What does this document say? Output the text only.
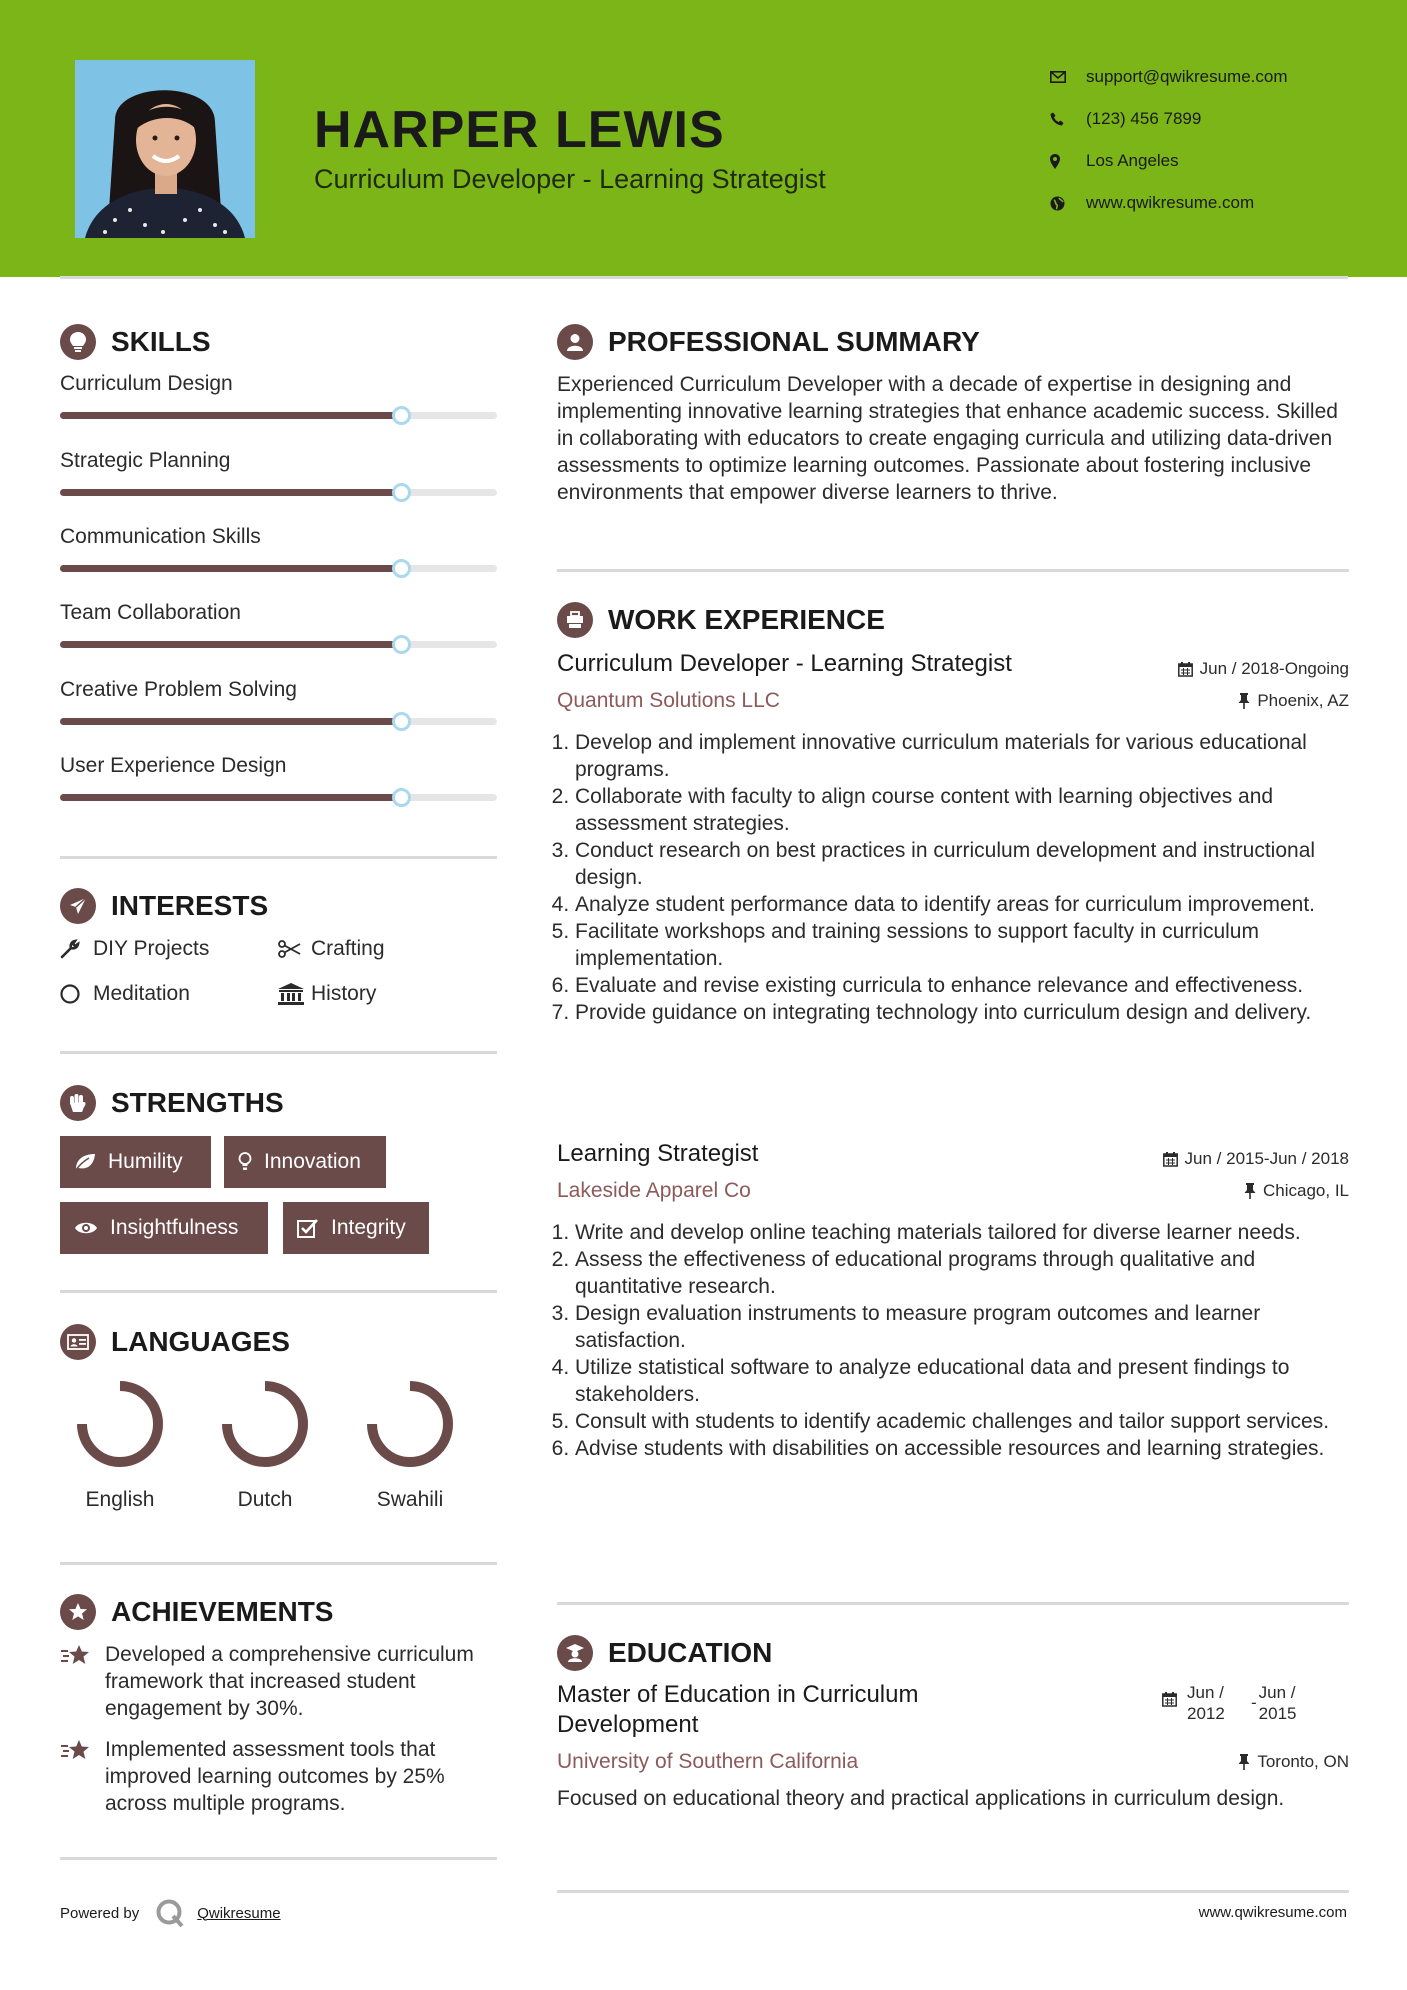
HARPER LEWIS
Curriculum Developer - Learning Strategist
support@qwikresume.com
(123) 456 7899
Los Angeles
www.qwikresume.com
SKILLS
Curriculum Design
Strategic Planning
Communication Skills
Team Collaboration
Creative Problem Solving
User Experience Design
INTERESTS
DIY Projects	Crafting
Meditation	History
STRENGTHS
Humility	Innovation
Insightfulness	Integrity
LANGUAGES
English	Dutch	Swahili
ACHIEVEMENTS
Developed a comprehensive curriculum framework that increased student engagement by 30%.
Implemented assessment tools that improved learning outcomes by 25% across multiple programs.
PROFESSIONAL SUMMARY
Experienced Curriculum Developer with a decade of expertise in designing and implementing innovative learning strategies that enhance academic success. Skilled in collaborating with educators to create engaging curricula and utilizing data-driven assessments to optimize learning outcomes. Passionate about fostering inclusive environments that empower diverse learners to thrive.
WORK EXPERIENCE
Curriculum Developer - Learning Strategist	Jun / 2018-Ongoing
Quantum Solutions LLC	Phoenix, AZ
1. Develop and implement innovative curriculum materials for various educational programs.
2. Collaborate with faculty to align course content with learning objectives and assessment strategies.
3. Conduct research on best practices in curriculum development and instructional design.
4. Analyze student performance data to identify areas for curriculum improvement.
5. Facilitate workshops and training sessions to support faculty in curriculum implementation.
6. Evaluate and revise existing curricula to enhance relevance and effectiveness.
7. Provide guidance on integrating technology into curriculum design and delivery.
Learning Strategist	Jun / 2015-Jun / 2018
Lakeside Apparel Co	Chicago, IL
1. Write and develop online teaching materials tailored for diverse learner needs.
2. Assess the effectiveness of educational programs through qualitative and quantitative research.
3. Design evaluation instruments to measure program outcomes and learner satisfaction.
4. Utilize statistical software to analyze educational data and present findings to stakeholders.
5. Consult with students to identify academic challenges and tailor support services.
6. Advise students with disabilities on accessible resources and learning strategies.
EDUCATION
Master of Education in Curriculum Development
Jun / 2012
-
Jun / 2015
University of Southern California	Toronto, ON
Focused on educational theory and practical applications in curriculum design.
Powered by	Qwikresume	www.qwikresume.com
